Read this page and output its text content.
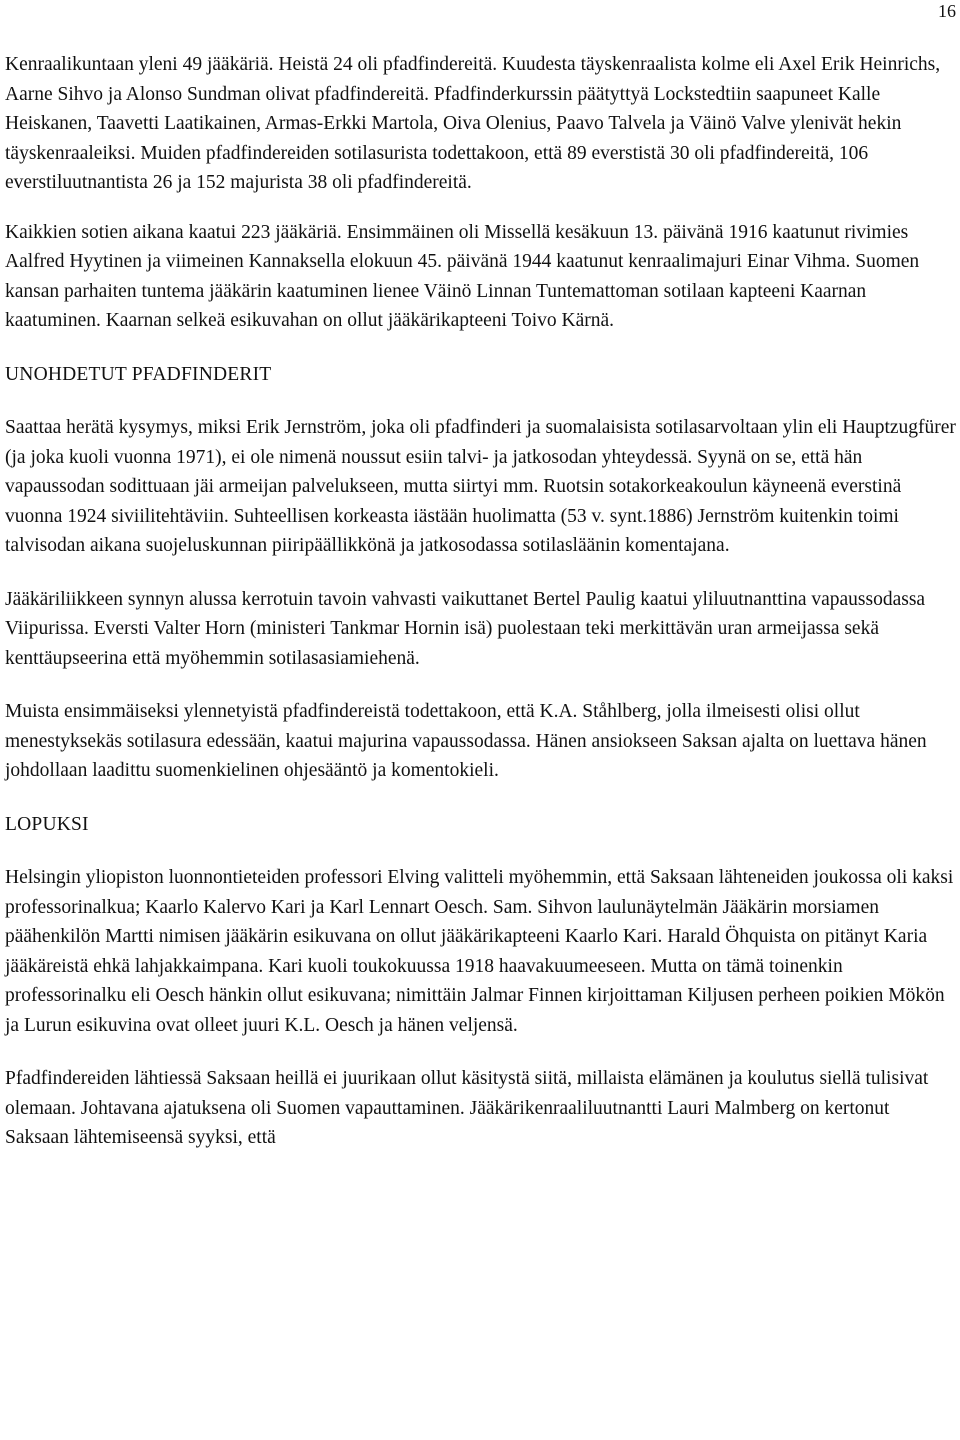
16

Kenraalikuntaan yleni 49 jääkäriä. Heistä 24 oli pfadfindereitä. Kuudesta täyskenraalista kolme eli Axel Erik Heinrichs, Aarne Sihvo ja Alonso Sundman olivat pfadfindereitä. Pfadfinderkurssin päätyttyä Lockstedtiin saapuneet Kalle Heiskanen, Taavetti Laatikainen, Armas-Erkki Martola, Oiva Olenius, Paavo Talvela ja Väinö Valve ylenivät hekin täyskenraaleiksi. Muiden pfadfindereiden sotilasurista todettakoon, että 89 everstistä 30 oli pfadfindereitä, 106 everstiluutnantista 26 ja 152 majurista 38 oli pfadfindereitä.

Kaikkien sotien aikana kaatui 223 jääkäriä. Ensimmäinen oli Missellä kesäkuun 13. päivänä 1916 kaatunut rivimies Aalfred Hyytinen ja viimeinen Kannaksella elokuun 45. päivänä 1944 kaatunut kenraalimajuri Einar Vihma. Suomen kansan parhaiten tuntema jääkärin kaatuminen lienee Väinö Linnan Tuntemattoman sotilaan kapteeni Kaarnan kaatuminen. Kaarnan selkeä esikuvahan on ollut jääkärikapteeni Toivo Kärnä.

UNOHDETUT PFADFINDERIT

Saattaa herätä kysymys, miksi Erik Jernström, joka oli pfadfinderi ja suomalaisista sotilasarvoltaan ylin eli Hauptzugfürer (ja joka kuoli vuonna 1971), ei ole nimenä noussut esiin talvi- ja jatkosodan yhteydessä. Syynä on se, että hän vapaussodan sodittuaan jäi armeijan palvelukseen, mutta siirtyi mm. Ruotsin sotakorkeakoulun käyneenä everstinä vuonna 1924 siviilitehtäviin. Suhteellisen korkeasta iästään huolimatta (53 v. synt.1886) Jernström kuitenkin toimi talvisodan aikana suojeluskunnan piiripäällikkönä ja jatkosodassa sotilasläänin komentajana.

Jääkäriliikkeen synnyn alussa kerrotuin tavoin vahvasti vaikuttanet Bertel Paulig kaatui yliluutnanttina vapaussodassa Viipurissa. Eversti Valter Horn (ministeri Tankmar Hornin isä) puolestaan teki merkittävän uran armeijassa sekä kenttäupseerina että myöhemmin sotilasasiamiehenä.

Muista ensimmäiseksi ylennetyistä pfadfindereistä todettakoon, että K.A. Ståhlberg, jolla ilmeisesti olisi ollut menestyksekäs sotilasura edessään, kaatui majurina vapaussodassa. Hänen ansiokseen Saksan ajalta on luettava hänen johdollaan laadittu suomenkielinen ohjesääntö ja komentokieli.

LOPUKSI

Helsingin yliopiston luonnontieteiden professori Elving valitteli myöhemmin, että Saksaan lähteneiden joukossa oli kaksi professorinalkua; Kaarlo Kalervo Kari ja Karl Lennart Oesch. Sam. Sihvon laulunäytelmän Jääkärin morsiamen päähenkilön Martti nimisen jääkärin esikuvana on ollut jääkärikapteeni Kaarlo Kari. Harald Öhquista on pitänyt Karia jääkäreistä ehkä lahjakkaimpana. Kari kuoli toukokuussa 1918 haavakuumeeseen. Mutta on tämä toinenkin professorinalku eli Oesch hänkin ollut esikuvana; nimittäin Jalmar Finnen kirjoittaman Kiljusen perheen poikien Mökön ja Lurun esikuvina ovat olleet juuri K.L. Oesch ja hänen veljensä.

Pfadfindereiden lähtiessä Saksaan heillä ei juurikaan ollut käsitystä siitä, millaista elämänen ja koulutus siellä tulisivat olemaan. Johtavana ajatuksena oli Suomen vapauttaminen. Jääkärikenraaliluutnantti Lauri Malmberg on kertonut Saksaan lähtemiseensä syyksi, että
